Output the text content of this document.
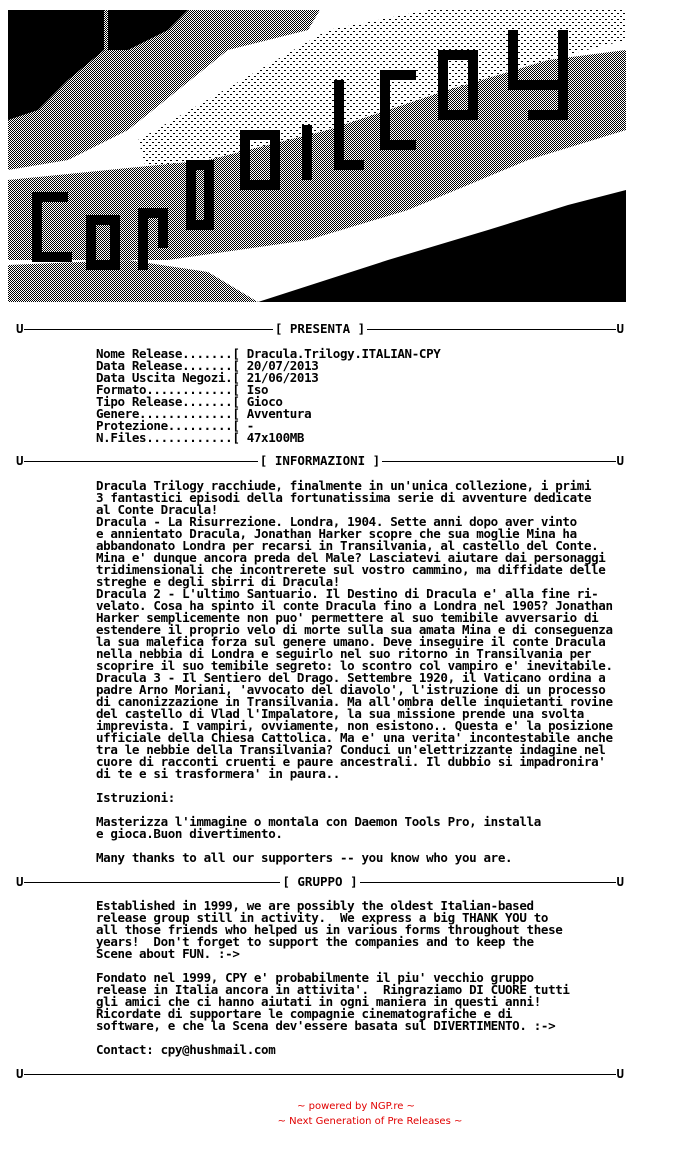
U	U
[ PRESENTA ]
Nome Release.......[ Dracula.Trilogy.ITALIAN-CPY
Data Release.......[ 20/07/2013
Data Uscita Negozi.[ 21/06/2013
Formato............[ Iso
Tipo Release.......[ Gioco
Genere.............[ Avventura
Protezione.........[ -
N.Files............[ 47x100MB
U	U
[ INFORMAZIONI ]
Dracula Trilogy racchiude, finalmente in un'unica collezione, i primi
3 fantastici episodi della fortunatissima serie di avventure dedicate
al Conte Dracula!
Dracula - La Risurrezione. Londra, 1904. Sette anni dopo aver vinto
e annientato Dracula, Jonathan Harker scopre che sua moglie Mina ha
abbandonato Londra per recarsi in Transilvania, al castello del Conte.
Mina e' dunque ancora preda del Male? Lasciatevi aiutare dai personaggi
tridimensionali che incontrerete sul vostro cammino, ma diffidate delle
streghe e degli sbirri di Dracula!
Dracula 2 - L'ultimo Santuario. Il Destino di Dracula e' alla fine ri-
velato. Cosa ha spinto il conte Dracula fino a Londra nel 1905? Jonathan
Harker semplicemente non puo' permettere al suo temibile avversario di
estendere il proprio velo di morte sulla sua amata Mina e di conseguenza
la sua malefica forza sul genere umano. Deve inseguire il conte Dracula
nella nebbia di Londra e seguirlo nel suo ritorno in Transilvania per
scoprire il suo temibile segreto: lo scontro col vampiro e' inevitabile.
Dracula 3 - Il Sentiero del Drago. Settembre 1920, il Vaticano ordina a
padre Arno Moriani, 'avvocato del diavolo', l'istruzione di un processo
di canonizzazione in Transilvania. Ma all'ombra delle inquietanti rovine
del castello di Vlad l'Impalatore, la sua missione prende una svolta
imprevista. I vampiri, ovviamente, non esistono.. Questa e' la posizione
ufficiale della Chiesa Cattolica. Ma e' una verita' incontestabile anche
tra le nebbie della Transilvania? Conduci un'elettrizzante indagine nel
cuore di racconti cruenti e paure ancestrali. Il dubbio si impadronira'
di te e si trasformera' in paura..
Istruzioni:
Masterizza l'immagine o montala con Daemon Tools Pro, installa
e gioca.Buon divertimento.
Many thanks to all our supporters -- you know who you are.
U	U
[ GRUPPO ]
Established in 1999, we are possibly the oldest Italian-based
release group still in activity.  We express a big THANK YOU to
all those friends who helped us in various forms throughout these
years!  Don't forget to support the companies and to keep the
Scene about FUN. :->
Fondato nel 1999, CPY e' probabilmente il piu' vecchio gruppo
release in Italia ancora in attivita'.  Ringraziamo DI CUORE tutti
gli amici che ci hanno aiutati in ogni maniera in questi anni!
Ricordate di supportare le compagnie cinematografiche e di
software, e che la Scena dev'essere basata sul DIVERTIMENTO. :->
Contact: cpy@hushmail.com
U	U
~ powered by NGP.re ~
~ Next Generation of Pre Releases ~
